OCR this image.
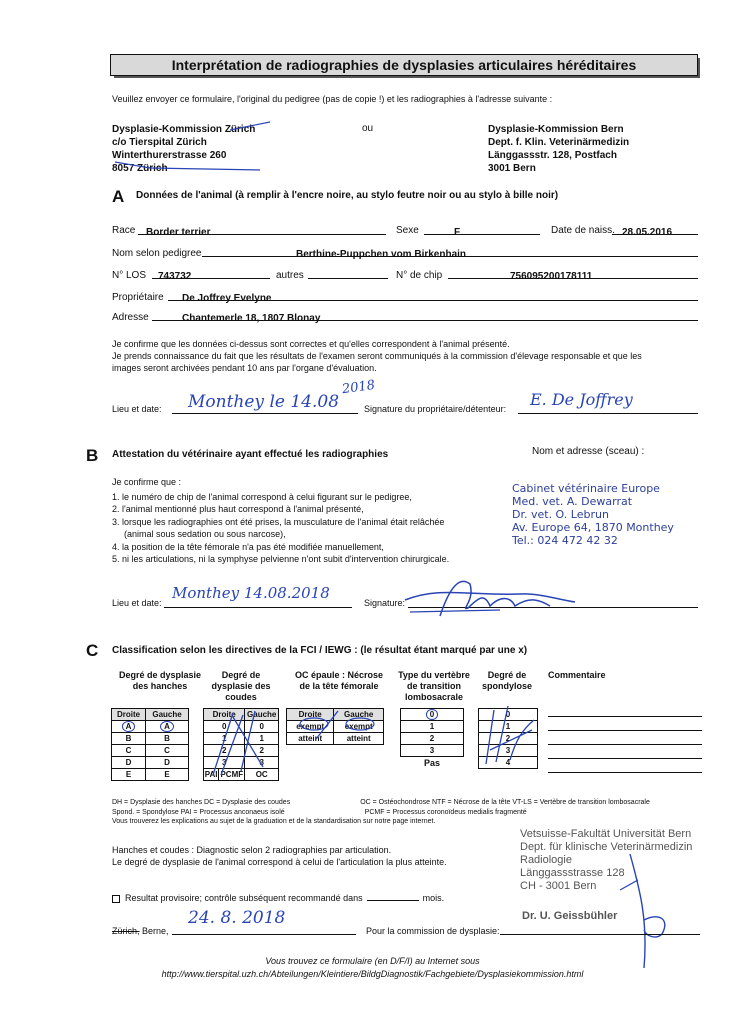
Interprétation de radiographies de dysplasies articulaires héréditaires
Veuillez envoyer ce formulaire, l'original du pedigree (pas de copie !) et les radiographies à l'adresse suivante :
Dysplasie-Kommission Zürich
c/o Tierspital Zürich
Winterthurerstrasse 260
8057 Zürich
ou	Dysplasie-Kommission Bern
Dept. f. Klin. Veterinärmedizin
Länggassstr. 128, Postfach
3001 Bern
A Données de l'animal (à remplir à l'encre noire, au stylo feutre noir ou au stylo à bille noir)
Race	Border terrier	Sexe	F	Date de naiss. 28.05.2016
Nom selon pedigree	Berthine-Puppchen vom Birkenhain
N° LOS	743732	autres	N° de chip	756095200178111
Propriétaire	De Joffrey Evelyne
Adresse	Chantemerle 18, 1807 Blonay
Je confirme que les données ci-dessus sont correctes et qu'elles correspondent à l'animal présenté.
Je prends connaissance du fait que les résultats de l'examen seront communiqués à la commission d'élevage responsable et que les
images seront archivées pendant 10 ans par l'organe d'évaluation.
Lieu et date: Monthey le 14.08
2018
Signature du propriétaire/détenteur: E. De Joffrey
B Attestation du vétérinaire ayant effectué les radiographies	Nom et adresse (sceau) :
Je confirme que :
1. le numéro de chip de l'animal correspond à celui figurant sur le pedigree,
2. l'animal mentionné plus haut correspond à l'animal présenté,
3. lorsque les radiographies ont été prises, la musculature de l'animal était relâchée
(animal sous sedation ou sous narcose),
4. la position de la tête fémorale n'a pas été modifiée manuellement,
5. ni les articulations, ni la symphyse pelvienne n'ont subit d'intervention chirurgicale.
Cabinet vétérinaire Europe
Med. vet. A. Dewarrat
Dr. vet. O. Lebrun
Av. Europe 64, 1870 Monthey
Tel.: 024 472 42 32
Lieu et date:
Monthey 14.08.2018
Signature:
C Classification selon les directives de la FCI / IEWG : (le résultat étant marqué par une x)
Degré de dysplasie des hanches
Degré de dysplasie des coudes
OC épaule : Nécrose de la tête fémorale
Type du vertèbre de transition lombosacrale
Degré de spondylose
Commentaire
Droite	Gauche
A	A
B	B
C	C
D	D
E	E
Droite		Gauche
0		0
1		1
2		2
3		3
PAI	PCMF	OC
Droite	Gauche
exempt	exempt
atteint	atteint
0
1
2
3
Pas
0
1
2
3
4
DH = Dysplasie des hanches DC = Dysplasie des coudes	OC = Ostéochondrose NTF = Nécrose de la tête VT-LS = Vertèbre de transition lombosacrale
Spond. = Spondylose PAI = Processus anconaeus isolé	PCMF = Processus coronoïdeus medialis fragmenté
Vous trouverez les explications au sujet de la graduation et de la standardisation sur notre page internet.
Hanches et coudes : Diagnostic selon 2 radiographies par articulation.
Le degré de dysplasie de l'animal correspond à celui de l'articulation la plus atteinte.
Vetsuisse-Fakultät Universität Bern
Dept. für klinische Veterinärmedizin
Radiologie
Länggassstrasse 128
CH - 3001 Bern
Dr. U. Geissbühler
Resultat provisoire; contrôle subséquent recommandé dans	mois.
Zürich, Berne,
24. 8. 2018
Pour la commission de dysplasie:
Vous trouvez ce formulaire (en D/F/I) au Internet sous
http://www.tierspital.uzh.ch/Abteilungen/Kleintiere/BildgDiagnostik/Fachgebiete/Dysplasiekommission.html
